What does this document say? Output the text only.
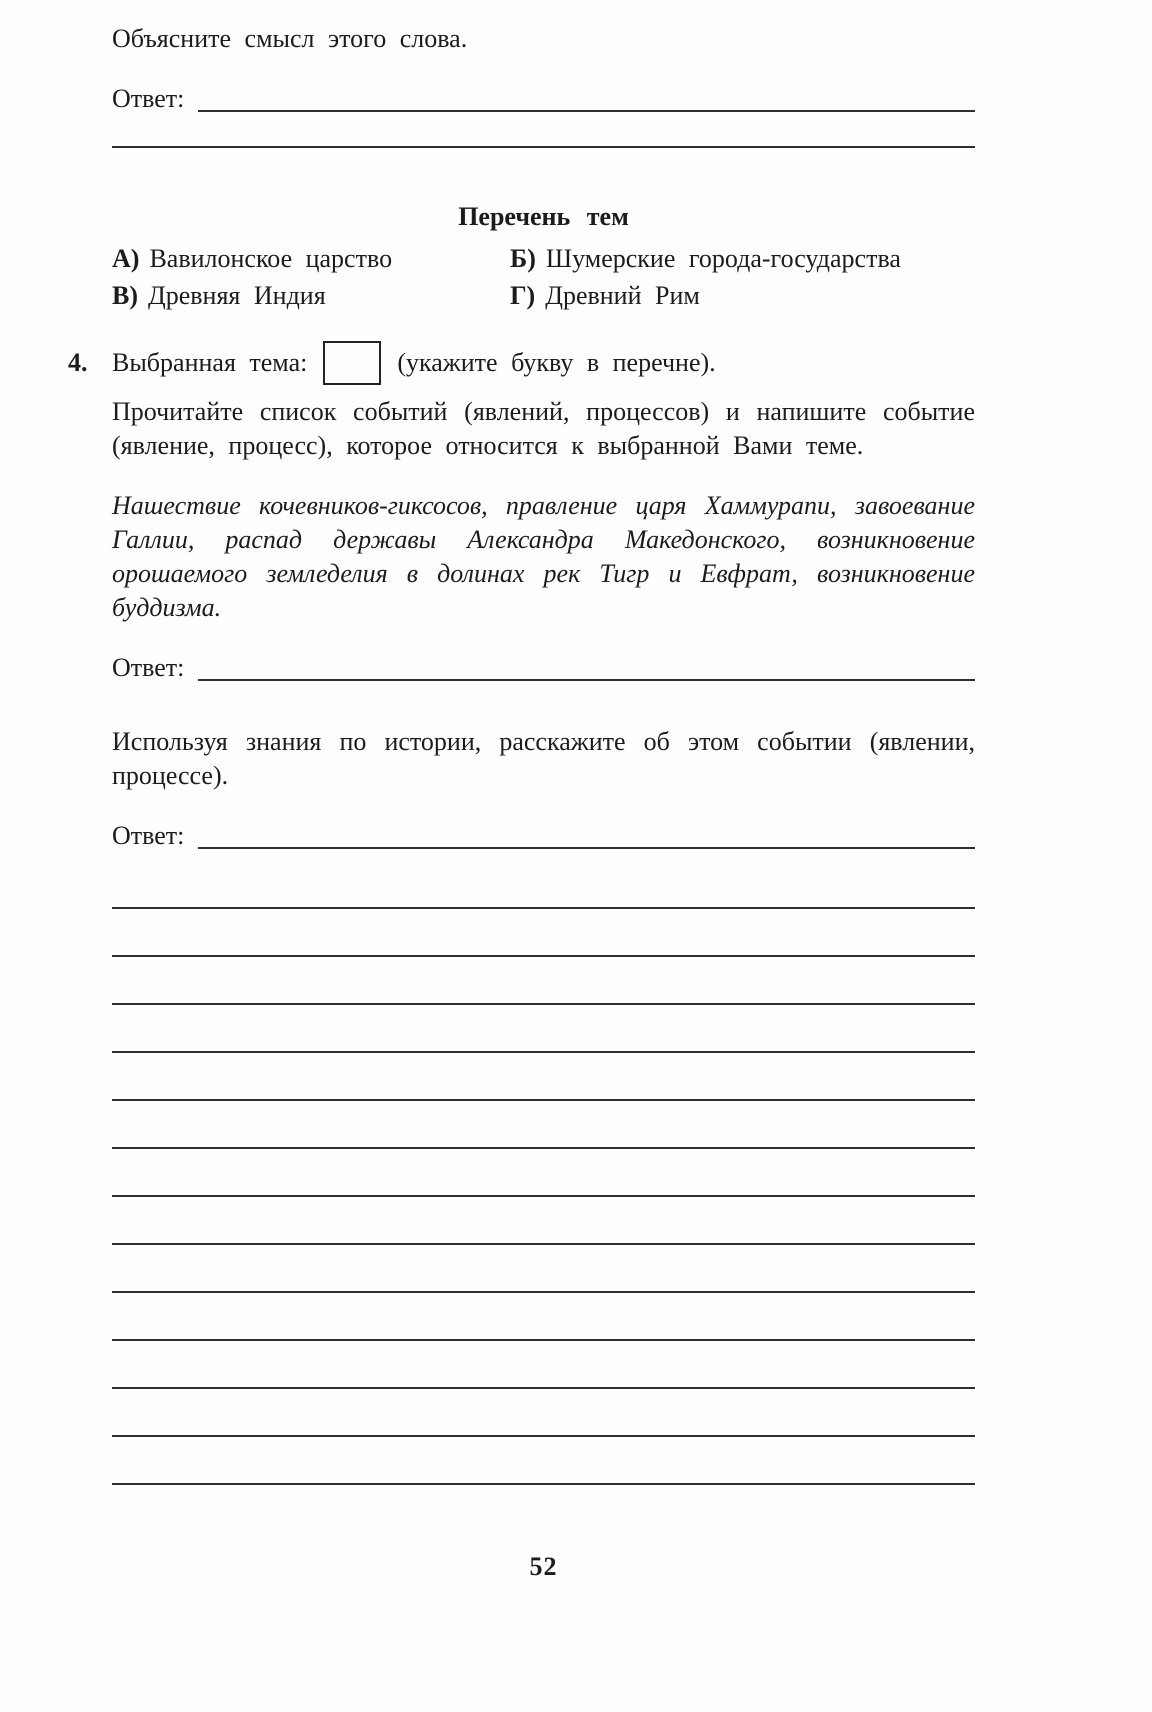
Объясните смысл этого слова.
Ответ:
Перечень тем
А) Вавилонское царство	Б) Шумерские города-государства
В) Древняя Индия	Г) Древний Рим
4. Выбранная тема:	(укажите букву в перечне).
Прочитайте список событий (явлений, процессов) и напишите событие (явление, процесс), которое относится к выбранной Вами теме.
Нашествие кочевников-гиксосов, правление царя Хаммурапи, завоевание Галлии, распад державы Александра Македонского, возникновение орошаемого земледелия в долинах рек Тигр и Евфрат, возникновение буддизма.
Ответ:
Используя знания по истории, расскажите об этом событии (явлении, процессе).
Ответ:
52
